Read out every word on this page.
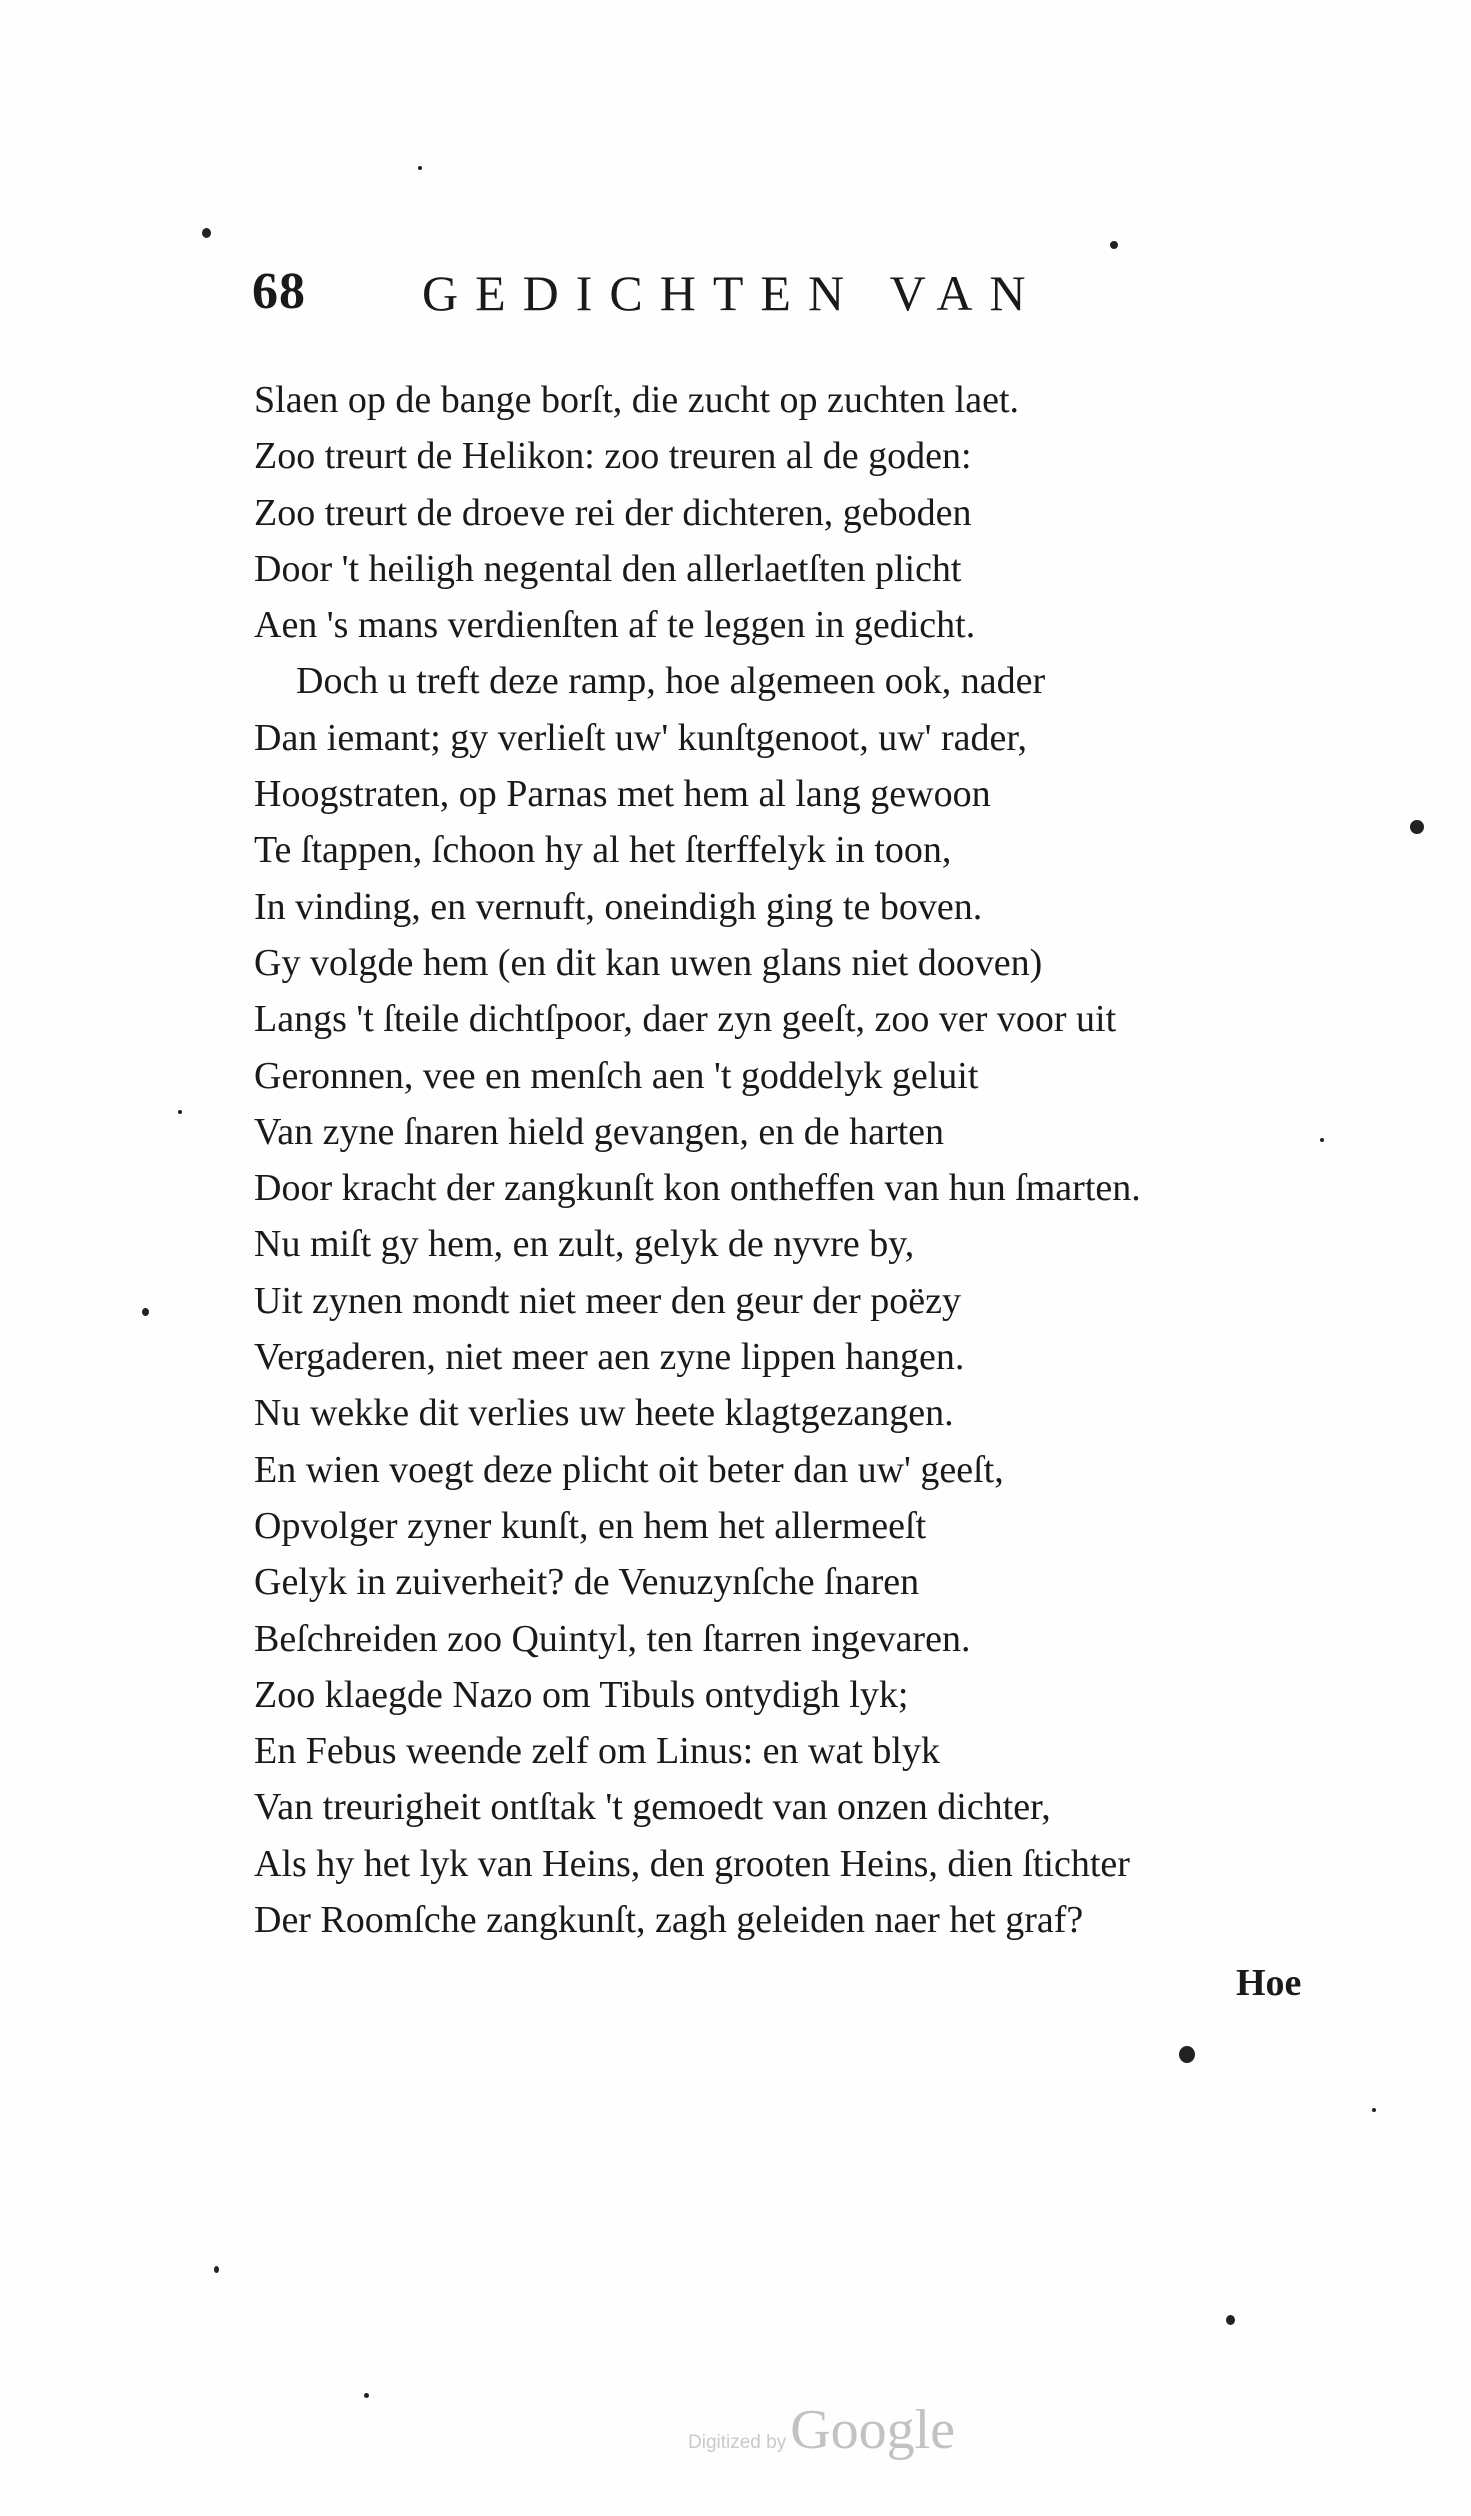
68 GEDICHTEN VAN
Slaen op de bange borſt, die zucht op zuchten laet.
Zoo treurt de Helikon: zoo treuren al de goden:
Zoo treurt de droeve rei der dichteren, geboden
Door 't heiligh negental den allerlaetſten plicht
Aen 's mans verdienſten af te leggen in gedicht.
Doch u treft deze ramp, hoe algemeen ook, nader
Dan iemant; gy verlieſt uw' kunſtgenoot, uw' rader,
Hoogstraten, op Parnas met hem al lang gewoon
Te ſtappen, ſchoon hy al het ſterffelyk in toon,
In vinding, en vernuft, oneindigh ging te boven.
Gy volgde hem (en dit kan uwen glans niet dooven)
Langs 't ſteile dichtſpoor, daer zyn geeſt, zoo ver voor uit
Geronnen, vee en menſch aen 't goddelyk geluit
Van zyne ſnaren hield gevangen, en de harten
Door kracht der zangkunſt kon ontheffen van hun ſmarten.
Nu miſt gy hem, en zult, gelyk de nyvre by,
Uit zynen mondt niet meer den geur der poëzy
Vergaderen, niet meer aen zyne lippen hangen.
Nu wekke dit verlies uw heete klagtgezangen.
En wien voegt deze plicht oit beter dan uw' geeſt,
Opvolger zyner kunſt, en hem het allermeeſt
Gelyk in zuiverheit? de Venuzynſche ſnaren
Beſchreiden zoo Quintyl, ten ſtarren ingevaren.
Zoo klaegde Nazo om Tibuls ontydigh lyk;
En Febus weende zelf om Linus: en wat blyk
Van treurigheit ontſtak 't gemoedt van onzen dichter,
Als hy het lyk van Heins, den grooten Heins, dien ſtichter
Der Roomſche zangkunſt, zagh geleiden naer het graf?
Hoe
Digitized by Google
